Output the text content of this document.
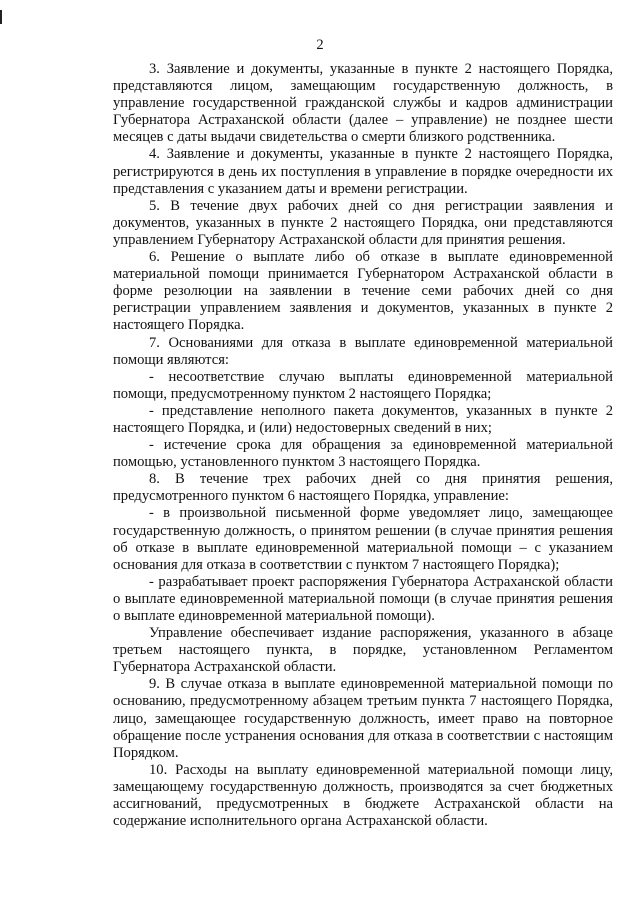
2

3. Заявление и документы, указанные в пункте 2 настоящего Порядка, представляются лицом, замещающим государственную должность, в управление государственной гражданской службы и кадров администрации Губернатора Астраханской области (далее – управление) не позднее шести месяцев с даты выдачи свидетельства о смерти близкого родственника.

4. Заявление и документы, указанные в пункте 2 настоящего Порядка, регистрируются в день их поступления в управление в порядке очередности их представления с указанием даты и времени регистрации.

5. В течение двух рабочих дней со дня регистрации заявления и документов, указанных в пункте 2 настоящего Порядка, они представляются управлением Губернатору Астраханской области для принятия решения.

6. Решение о выплате либо об отказе в выплате единовременной материальной помощи принимается Губернатором Астраханской области в форме резолюции на заявлении в течение семи рабочих дней со дня регистрации управлением заявления и документов, указанных в пункте 2 настоящего Порядка.

7. Основаниями для отказа в выплате единовременной материальной помощи являются:

- несоответствие случаю выплаты единовременной материальной помощи, предусмотренному пунктом 2 настоящего Порядка;

- представление неполного пакета документов, указанных в пункте 2 настоящего Порядка, и (или) недостоверных сведений в них;

- истечение срока для обращения за единовременной материальной помощью, установленного пунктом 3 настоящего Порядка.

8. В течение трех рабочих дней со дня принятия решения, предусмотренного пунктом 6 настоящего Порядка, управление:

- в произвольной письменной форме уведомляет лицо, замещающее государственную должность, о принятом решении (в случае принятия решения об отказе в выплате единовременной материальной помощи – с указанием основания для отказа в соответствии с пунктом 7 настоящего Порядка);

- разрабатывает проект распоряжения Губернатора Астраханской области о выплате единовременной материальной помощи (в случае принятия решения о выплате единовременной материальной помощи).

Управление обеспечивает издание распоряжения, указанного в абзаце третьем настоящего пункта, в порядке, установленном Регламентом Губернатора Астраханской области.

9. В случае отказа в выплате единовременной материальной помощи по основанию, предусмотренному абзацем третьим пункта 7 настоящего Порядка, лицо, замещающее государственную должность, имеет право на повторное обращение после устранения основания для отказа в соответствии с настоящим Порядком.

10. Расходы на выплату единовременной материальной помощи лицу, замещающему государственную должность, производятся за счет бюджетных ассигнований, предусмотренных в бюджете Астраханской области на содержание исполнительного органа Астраханской области.
